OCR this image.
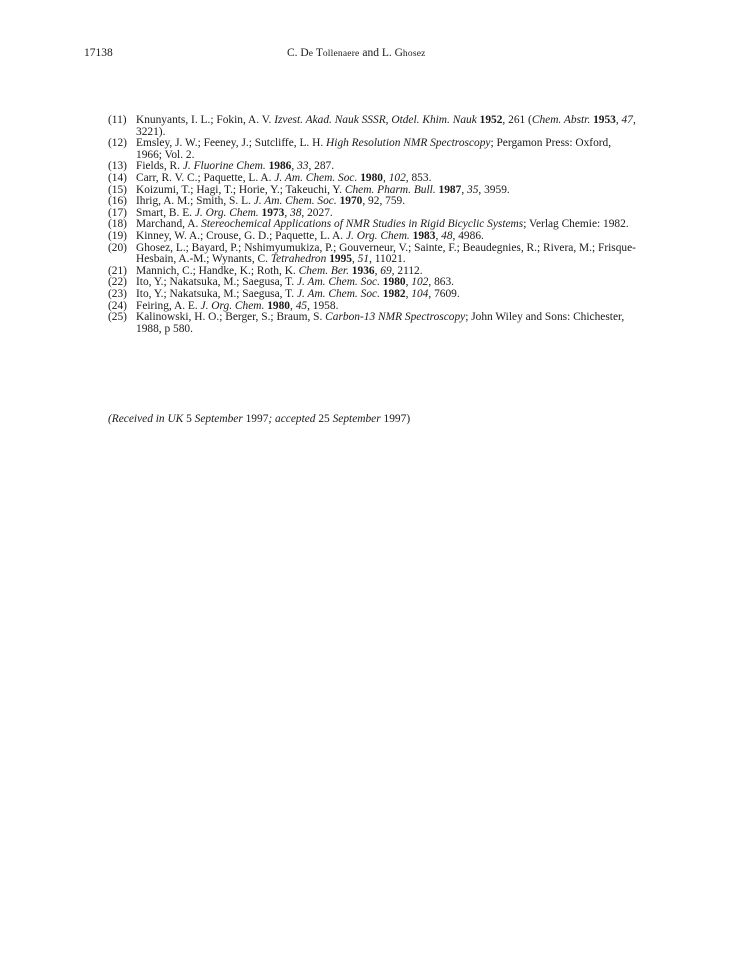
17138	C. De Tollenaere and L. Ghosez
(11) Knunyants, I. L.; Fokin, A. V. Izvest. Akad. Nauk SSSR, Otdel. Khim. Nauk 1952, 261 (Chem. Abstr. 1953, 47, 3221).
(12) Emsley, J. W.; Feeney, J.; Sutcliffe, L. H. High Resolution NMR Spectroscopy; Pergamon Press: Oxford, 1966; Vol. 2.
(13) Fields, R. J. Fluorine Chem. 1986, 33, 287.
(14) Carr, R. V. C.; Paquette, L. A. J. Am. Chem. Soc. 1980, 102, 853.
(15) Koizumi, T.; Hagi, T.; Horie, Y.; Takeuchi, Y. Chem. Pharm. Bull. 1987, 35, 3959.
(16) Ihrig, A. M.; Smith, S. L. J. Am. Chem. Soc. 1970, 92, 759.
(17) Smart, B. E. J. Org. Chem. 1973, 38, 2027.
(18) Marchand, A. Stereochemical Applications of NMR Studies in Rigid Bicyclic Systems; Verlag Chemie: 1982.
(19) Kinney, W. A.; Crouse, G. D.; Paquette, L. A. J. Org. Chem. 1983, 48, 4986.
(20) Ghosez, L.; Bayard, P.; Nshimyumukiza, P.; Gouverneur, V.; Sainte, F.; Beaudegnies, R.; Rivera, M.; Frisque-Hesbain, A.-M.; Wynants, C. Tetrahedron 1995, 51, 11021.
(21) Mannich, C.; Handke, K.; Roth, K. Chem. Ber. 1936, 69, 2112.
(22) Ito, Y.; Nakatsuka, M.; Saegusa, T. J. Am. Chem. Soc. 1980, 102, 863.
(23) Ito, Y.; Nakatsuka, M.; Saegusa, T. J. Am. Chem. Soc. 1982, 104, 7609.
(24) Feiring, A. E. J. Org. Chem. 1980, 45, 1958.
(25) Kalinowski, H. O.; Berger, S.; Braum, S. Carbon-13 NMR Spectroscopy; John Wiley and Sons: Chichester, 1988, p 580.
(Received in UK 5 September 1997; accepted 25 September 1997)
